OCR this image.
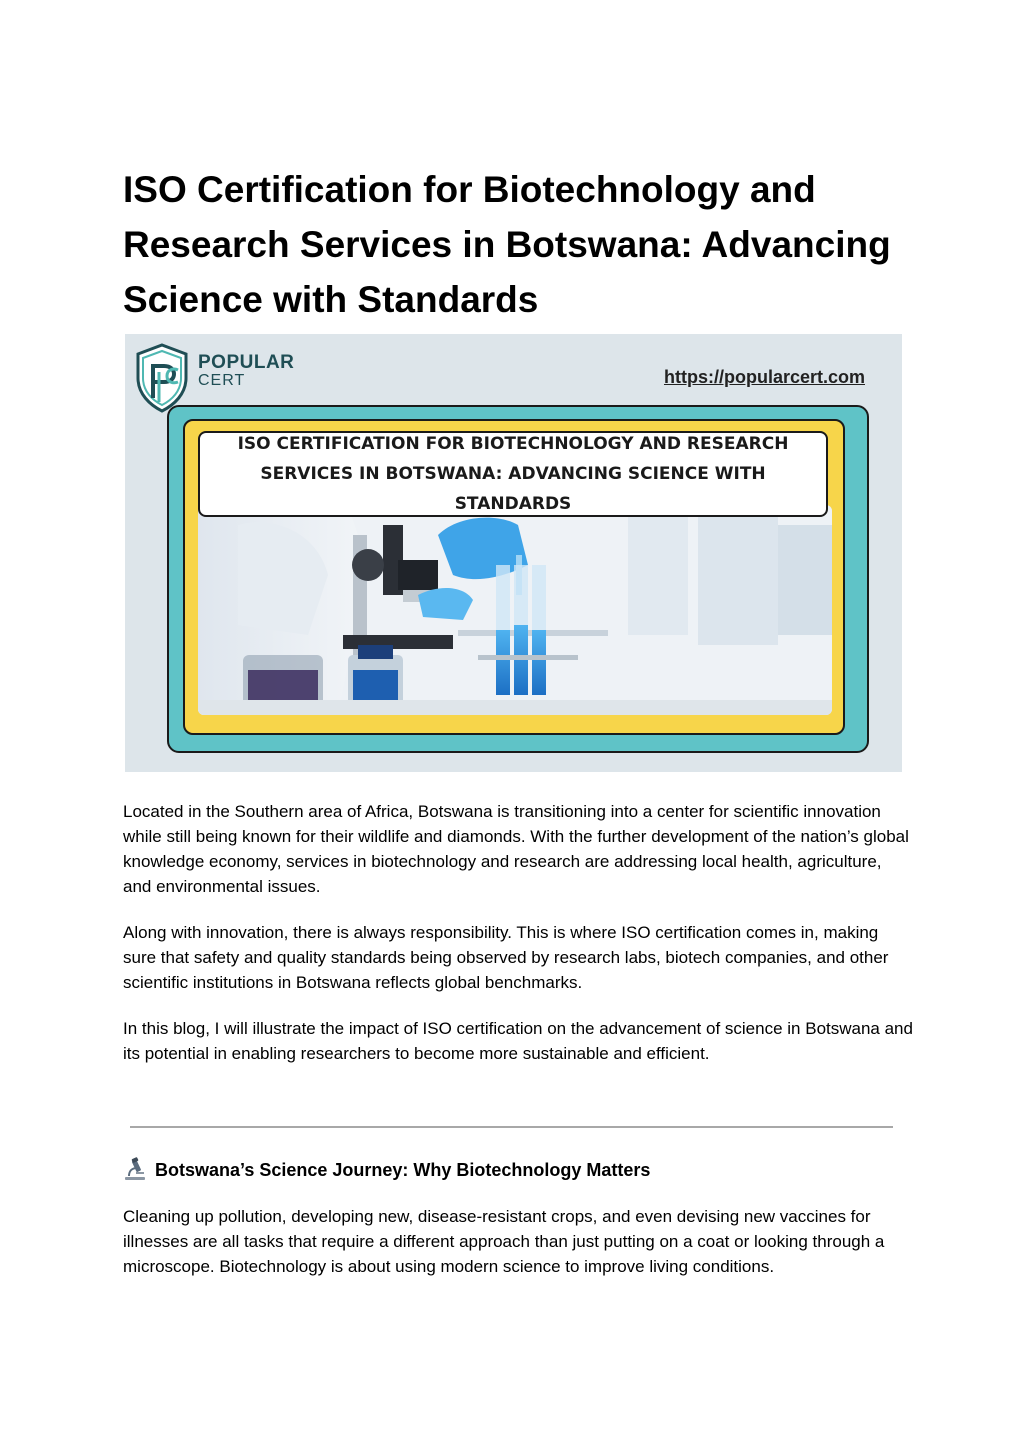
ISO Certification for Biotechnology and Research Services in Botswana: Advancing Science with Standards
POPULAR
CERT	https://popularcert.com
ISO CERTIFICATION FOR BIOTECHNOLOGY AND RESEARCH SERVICES IN BOTSWANA: ADVANCING SCIENCE WITH STANDARDS

Located in the Southern area of Africa, Botswana is transitioning into a center for scientific innovation while still being known for their wildlife and diamonds. With the further development of the nation’s global knowledge economy, services in biotechnology and research are addressing local health, agriculture, and environmental issues.

Along with innovation, there is always responsibility. This is where ISO certification comes in, making sure that safety and quality standards being observed by research labs, biotech companies, and other scientific institutions in Botswana reflects global benchmarks.

In this blog, I will illustrate the impact of ISO certification on the advancement of science in Botswana and its potential in enabling researchers to become more sustainable and efficient.

Botswana’s Science Journey: Why Biotechnology Matters

Cleaning up pollution, developing new, disease-resistant crops, and even devising new vaccines for illnesses are all tasks that require a different approach than just putting on a coat or looking through a microscope. Biotechnology is about using modern science to improve living conditions.
